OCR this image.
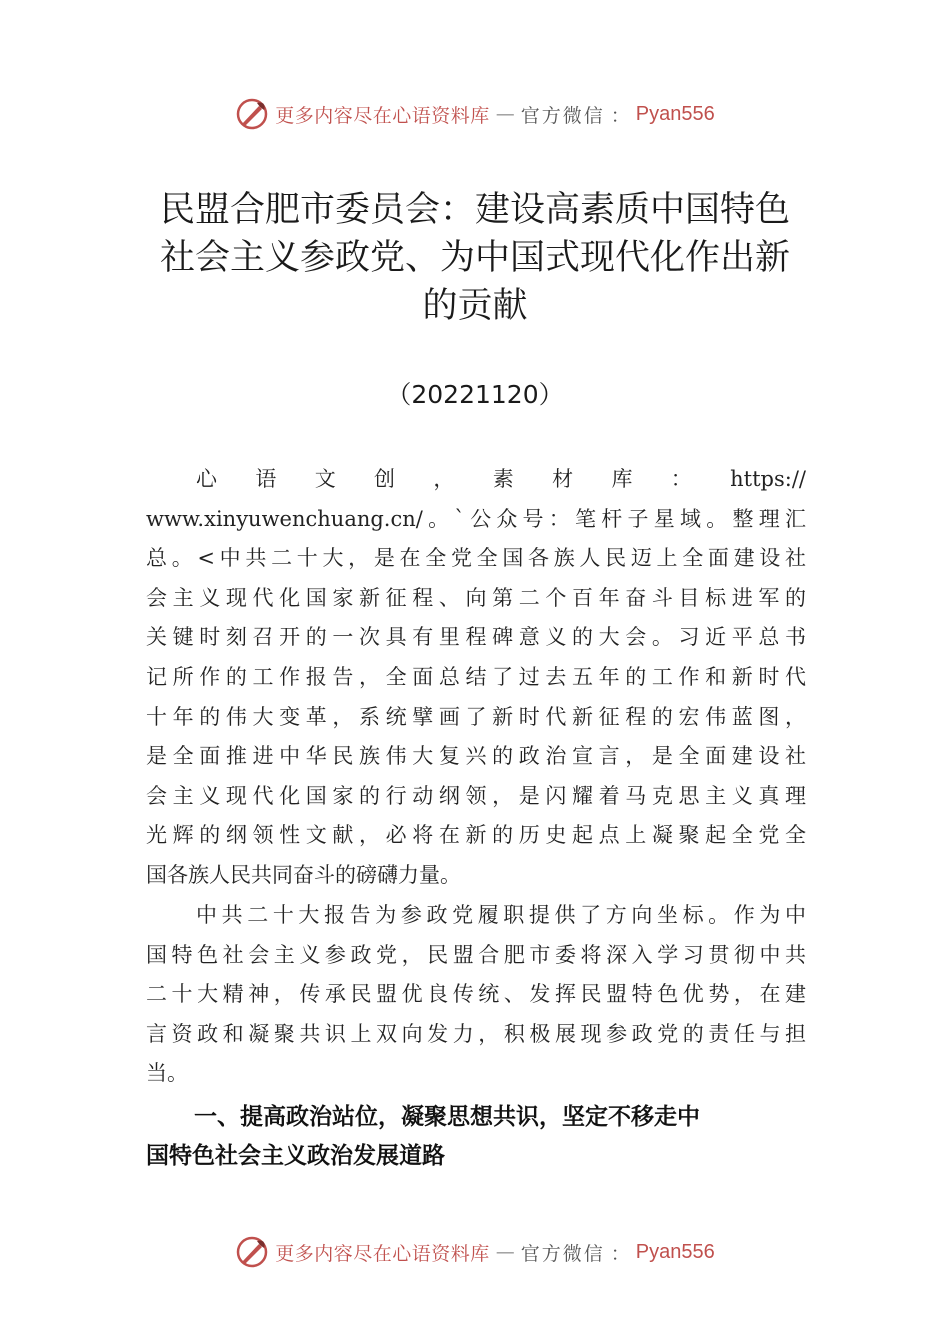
更多内容尽在心语资料库 — 官方微信 ： Pyan556
民盟合肥市委员会：建设高素质中国特色
社会主义参政党、为中国式现代化作出新
的贡献
（20221120）
心 语 文 创 ， 素 材 库 ： https://
www.xinyuwenchuang.cn/。`公众号：笔杆子星域。整理汇
总。<中共二十大，是在全党全国各族人民迈上全面建设社
会主义现代化国家新征程、向第二个百年奋斗目标进军的
关键时刻召开的一次具有里程碑意义的大会。习近平总书
记所作的工作报告，全面总结了过去五年的工作和新时代
十年的伟大变革，系统擘画了新时代新征程的宏伟蓝图，
是全面推进中华民族伟大复兴的政治宣言，是全面建设社
会主义现代化国家的行动纲领，是闪耀着马克思主义真理
光辉的纲领性文献，必将在新的历史起点上凝聚起全党全
国各族人民共同奋斗的磅礴力量。
中共二十大报告为参政党履职提供了方向坐标。作为中
国特色社会主义参政党，民盟合肥市委将深入学习贯彻中共
二十大精神，传承民盟优良传统、发挥民盟特色优势，在建
言资政和凝聚共识上双向发力，积极展现参政党的责任与担
当。
一、提高政治站位，凝聚思想共识，坚定不移走中
国特色社会主义政治发展道路
更多内容尽在心语资料库 — 官方微信 ： Pyan556
